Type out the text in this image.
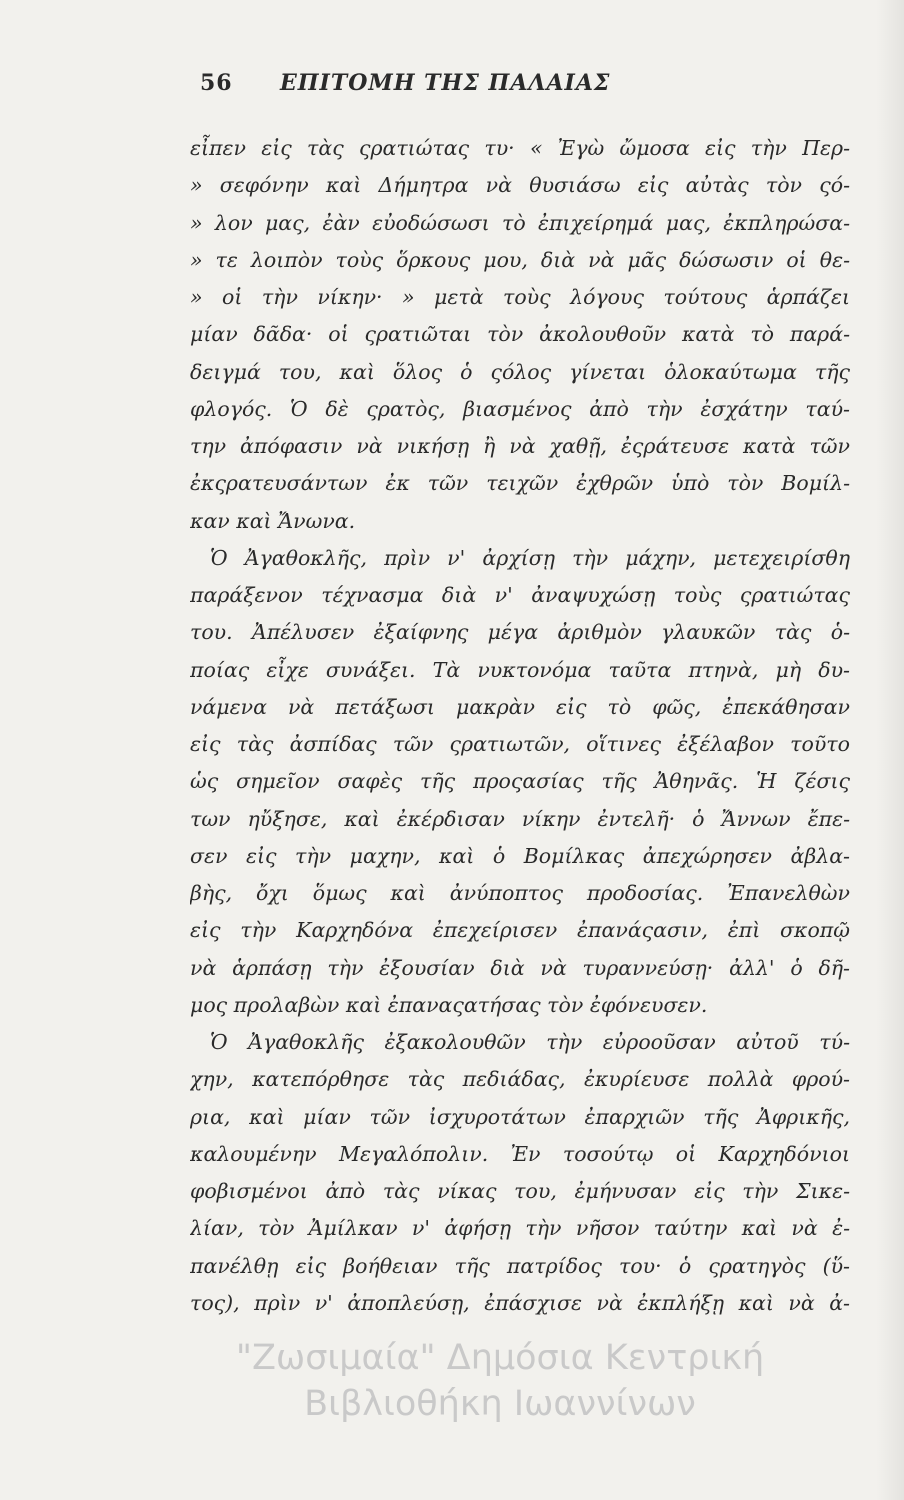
56 ΕΠΙΤΟΜΗ ΤΗΣ ΠΑΛΑΙΑΣ
εἶπεν εἰς τὰς ςρατιώτας τυ· « Ἐγὼ ὤμοσα εἰς τὴν Περ-
» σεφόνην καὶ Δήμητρα νὰ θυσιάσω εἰς αὐτὰς τὸν ςό-
» λον μας, ἐὰν εὐοδώσωσι τὸ ἐπιχείρημά μας, ἐκπληρώσα-
» τε λοιπὸν τοὺς ὅρκους μου, διὰ νὰ μᾶς δώσωσιν οἱ θε-
» οἱ τὴν νίκην· » μετὰ τοὺς λόγους τούτους ἁρπάζει
μίαν δᾶδα· οἱ ςρατιῶται τὸν ἀκολουθοῦν κατὰ τὸ παρά-
δειγμά του, καὶ ὅλος ὁ ςόλος γίνεται ὁλοκαύτωμα τῆς
φλογός. Ὁ δὲ ςρατὸς, βιασμένος ἀπὸ τὴν ἐσχάτην ταύ-
την ἀπόφασιν νὰ νικήσῃ ἢ νὰ χαθῇ, ἐςράτευσε κατὰ τῶν
ἐκςρατευσάντων ἐκ τῶν τειχῶν ἐχθρῶν ὑπὸ τὸν Βομίλ-
καν καὶ Ἄνωνα.
Ὁ Ἀγαθοκλῆς, πρὶν ν' ἀρχίσῃ τὴν μάχην, μετεχειρίσθη
παράξενον τέχνασμα διὰ ν' ἀναψυχώσῃ τοὺς ςρατιώτας
του. Ἀπέλυσεν ἐξαίφνης μέγα ἀριθμὸν γλαυκῶν τὰς ὁ-
ποίας εἶχε συνάξει. Τὰ νυκτονόμα ταῦτα πτηνὰ, μὴ δυ-
νάμενα νὰ πετάξωσι μακρὰν εἰς τὸ φῶς, ἐπεκάθησαν
εἰς τὰς ἀσπίδας τῶν ςρατιωτῶν, οἵτινες ἐξέλαβον τοῦτο
ὡς σημεῖον σαφὲς τῆς προςασίας τῆς Ἀθηνᾶς. Ἡ ζέσις
των ηὔξησε, καὶ ἐκέρδισαν νίκην ἐντελῆ· ὁ Ἄννων ἔπε-
σεν εἰς τὴν μαχην, καὶ ὁ Βομίλκας ἀπεχώρησεν ἀβλα-
βὴς, ὄχι ὅμως καὶ ἀνύποπτος προδοσίας. Ἐπανελθὼν
εἰς τὴν Καρχηδόνα ἐπεχείρισεν ἐπανάςασιν, ἐπὶ σκοπῷ
νὰ ἁρπάσῃ τὴν ἐξουσίαν διὰ νὰ τυραννεύσῃ· ἀλλ' ὁ δῆ-
μος προλαβὼν καὶ ἐπαναςατήσας τὸν ἐφόνευσεν.
Ὁ Ἀγαθοκλῆς ἐξακολουθῶν τὴν εὐροοῦσαν αὐτοῦ τύ-
χην, κατεπόρθησε τὰς πεδιάδας, ἐκυρίευσε πολλὰ φρού-
ρια, καὶ μίαν τῶν ἰσχυροτάτων ἐπαρχιῶν τῆς Ἀφρικῆς,
καλουμένην Μεγαλόπολιν. Ἐν τοσούτῳ οἱ Καρχηδόνιοι
φοβισμένοι ἀπὸ τὰς νίκας του, ἐμήνυσαν εἰς τὴν Σικε-
λίαν, τὸν Ἀμίλκαν ν' ἀφήσῃ τὴν νῆσον ταύτην καὶ νὰ ἐ-
πανέλθῃ εἰς βοήθειαν τῆς πατρίδος του· ὁ ςρατηγὸς (ὕ-
τος), πρὶν ν' ἀποπλεύσῃ, ἐπάσχισε νὰ ἐκπλήξῃ καὶ νὰ ἀ-
"Ζωσιμαία" Δημόσια Κεντρική
Βιβλιοθήκη Ιωαννίνων
